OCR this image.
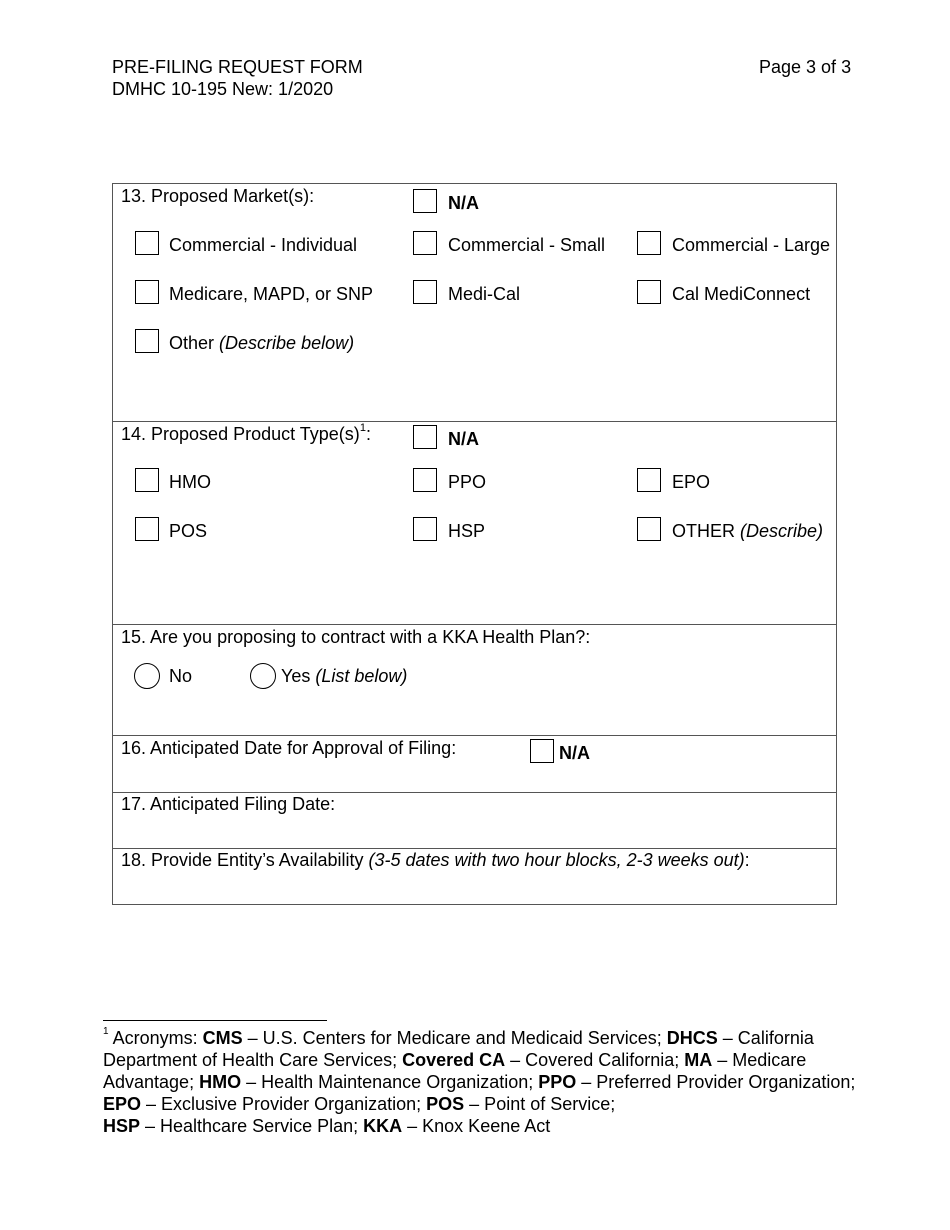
PRE-FILING REQUEST FORM
DMHC 10-195 New: 1/2020
Page 3 of 3
13. Proposed Market(s):	N/A
Commercial - Individual	Commercial - Small	Commercial - Large
Medicare, MAPD, or SNP	Medi-Cal	Cal MediConnect
Other (Describe below)
14. Proposed Product Type(s)$^1$:	N/A
HMO	PPO	EPO
POS	HSP	OTHER (Describe)
15. Are you proposing to contract with a KKA Health Plan?:
No	Yes (List below)
16. Anticipated Date for Approval of Filing:	N/A
17. Anticipated Filing Date:
18. Provide Entity’s Availability (3-5 dates with two hour blocks, 2-3 weeks out):
$^1$ Acronyms: CMS – U.S. Centers for Medicare and Medicaid Services; DHCS – California Department of Health Care Services; Covered CA – Covered California; MA – Medicare Advantage; HMO – Health Maintenance Organization; PPO – Preferred Provider Organization; EPO – Exclusive Provider Organization; POS – Point of Service;
HSP – Healthcare Service Plan; KKA – Knox Keene Act
